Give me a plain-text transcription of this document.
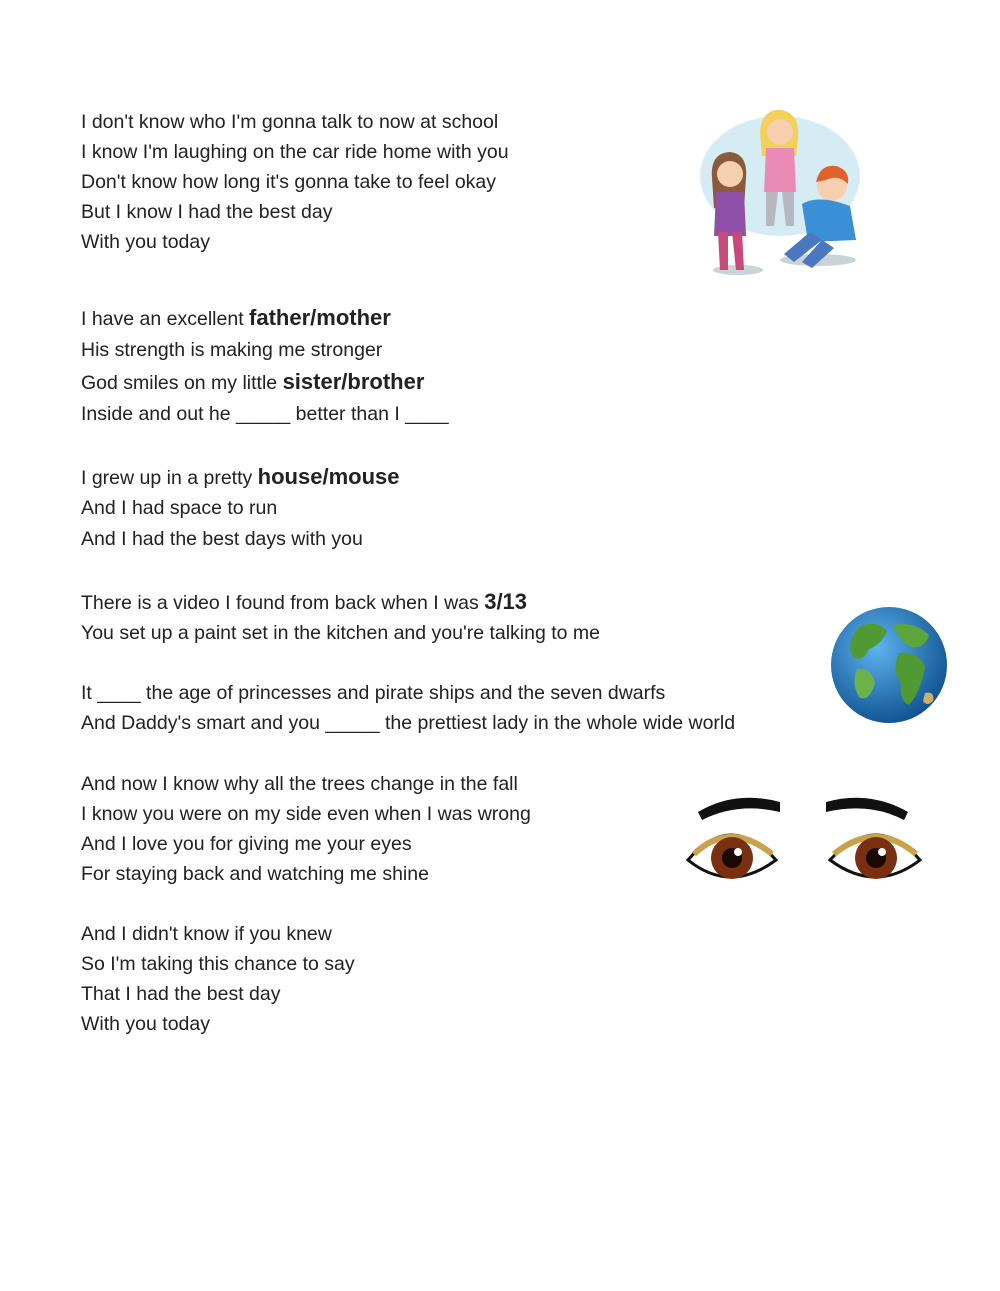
I don't know who I'm gonna talk to now at school
I know I'm laughing on the car ride home with you
Don't know how long it's gonna take to feel okay
But I know I had the best day
With you today
I have an excellent father/mother
His strength is making me stronger
God smiles on my little sister/brother
Inside and out he _____ better than I ____
I grew up in a pretty house/mouse
And I had space to run
And I had the best days with you
There is a video I found from back when I was 3/13
You set up a paint set in the kitchen and you're talking to me
It ____ the age of princesses and pirate ships and the seven dwarfs
And Daddy's smart and you _____ the prettiest lady in the whole wide world
And now I know why all the trees change in the fall
I know you were on my side even when I was wrong
And I love you for giving me your eyes
For staying back and watching me shine
And I didn't know if you knew
So I'm taking this chance to say
That I had the best day
With you today
